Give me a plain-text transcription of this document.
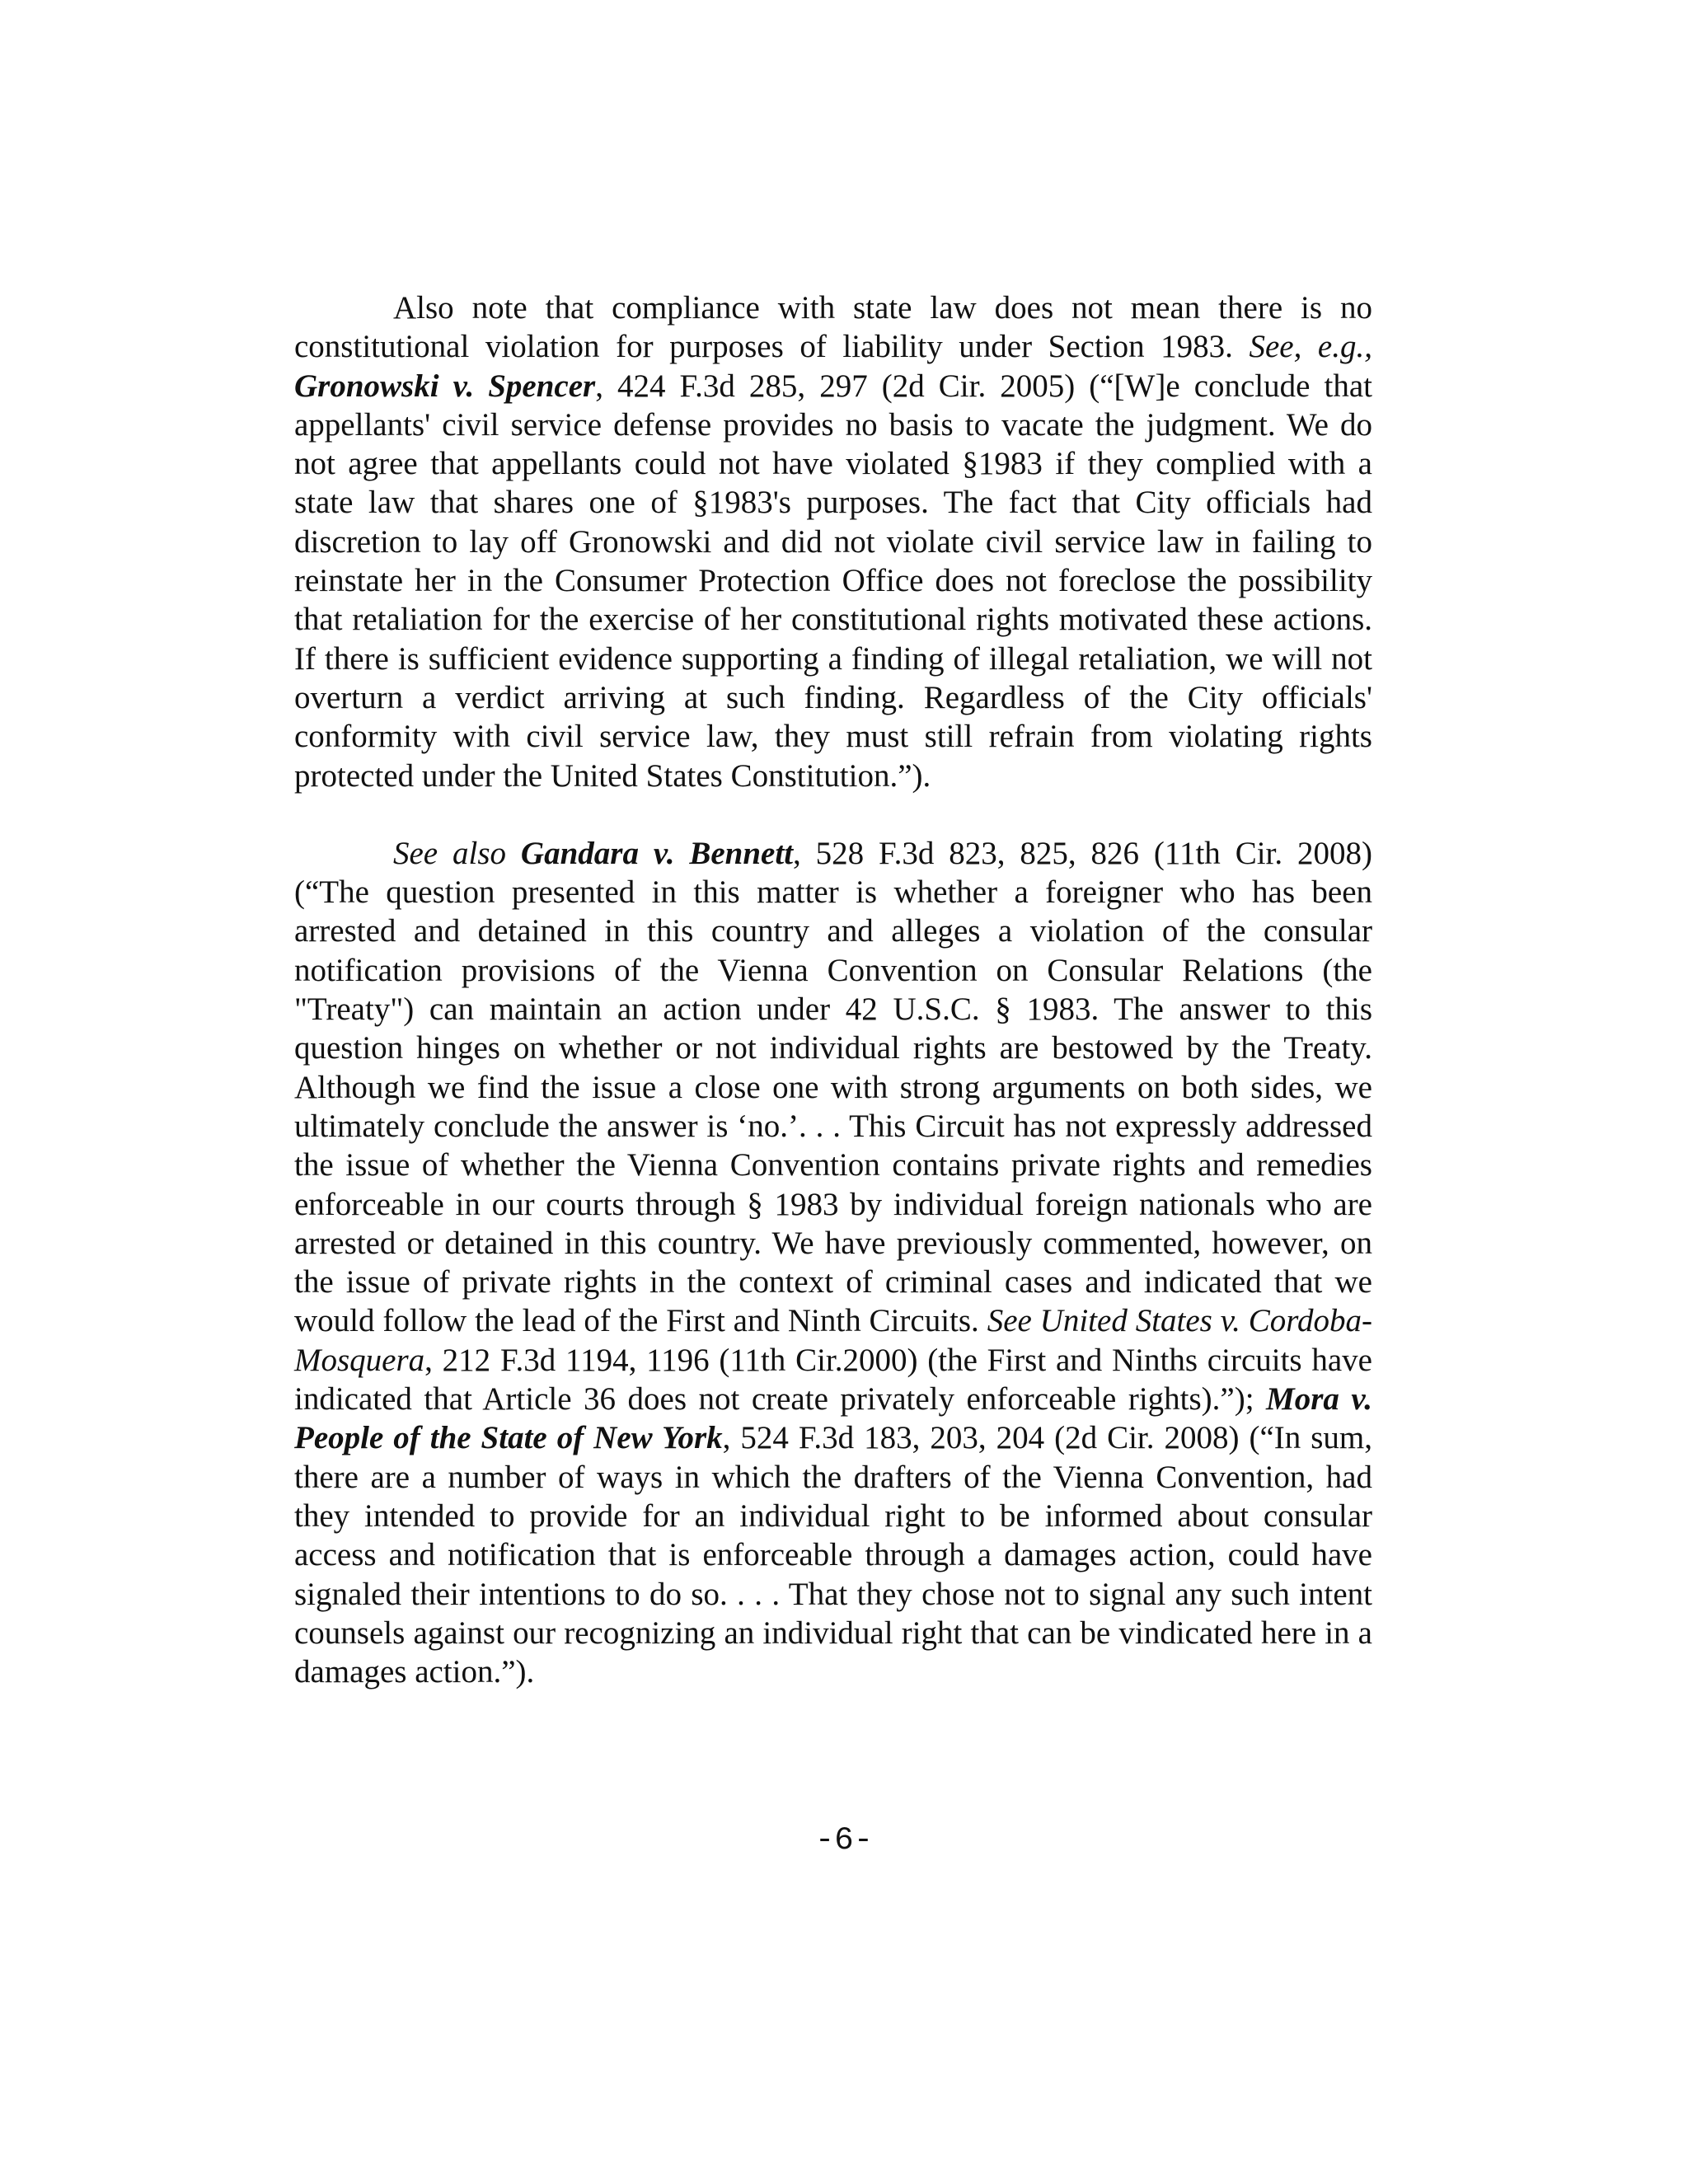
Also note that compliance with state law does not mean there is no constitutional violation for purposes of liability under Section 1983. See, e.g., Gronowski v. Spencer, 424 F.3d 285, 297 (2d Cir. 2005) (“[W]e conclude that appellants' civil service defense provides no basis to vacate the judgment. We do not agree that appellants could not have violated §1983 if they complied with a state law that shares one of §1983's purposes. The fact that City officials had discretion to lay off Gronowski and did not violate civil service law in failing to reinstate her in the Consumer Protection Office does not foreclose the possibility that retaliation for the exercise of her constitutional rights motivated these actions. If there is sufficient evidence supporting a finding of illegal retaliation, we will not overturn a verdict arriving at such finding. Regardless of the City officials' conformity with civil service law, they must still refrain from violating rights protected under the United States Constitution.”).

See also Gandara v. Bennett, 528 F.3d 823, 825, 826 (11th Cir. 2008) (“The question presented in this matter is whether a foreigner who has been arrested and detained in this country and alleges a violation of the consular notification provisions of the Vienna Convention on Consular Relations (the "Treaty") can maintain an action under 42 U.S.C. § 1983. The answer to this question hinges on whether or not individual rights are bestowed by the Treaty. Although we find the issue a close one with strong arguments on both sides, we ultimately conclude the answer is ‘no.’. . . This Circuit has not expressly addressed the issue of whether the Vienna Convention contains private rights and remedies enforceable in our courts through § 1983 by individual foreign nationals who are arrested or detained in this country. We have previously commented, however, on the issue of private rights in the context of criminal cases and indicated that we would follow the lead of the First and Ninth Circuits. See United States v. Cordoba-Mosquera, 212 F.3d 1194, 1196 (11th Cir.2000) (the First and Ninths circuits have indicated that Article 36 does not create privately enforceable rights).”); Mora v. People of the State of New York, 524 F.3d 183, 203, 204 (2d Cir. 2008) (“In sum, there are a number of ways in which the drafters of the Vienna Convention, had they intended to provide for an individual right to be informed about consular access and notification that is enforceable through a damages action, could have signaled their intentions to do so. . . . That they chose not to signal any such intent counsels against our recognizing an individual right that can be vindicated here in a damages action.”).

-6-
